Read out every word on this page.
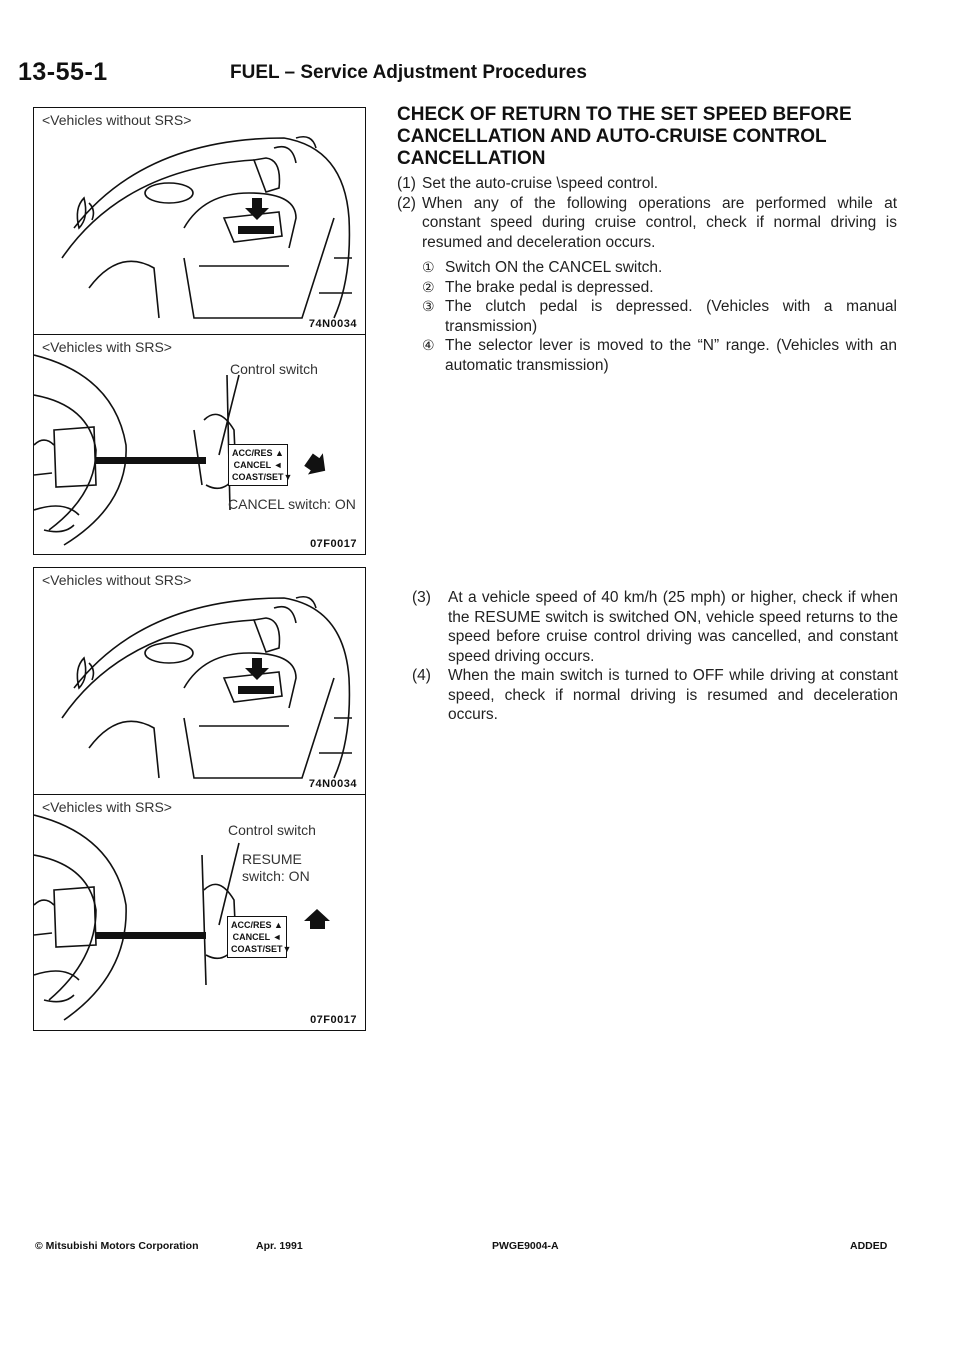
13-55-1	FUEL – Service Adjustment Procedures
<Vehicles without SRS>
74N0034
<Vehicles with SRS>
Control switch
ACC/RES ▲
CANCEL ◄
COAST/SET▼
CANCEL switch: ON
07F0017
<Vehicles without SRS>
74N0034
<Vehicles with SRS>
Control switch
RESUME
switch: ON
ACC/RES ▲
CANCEL ◄
COAST/SET▼
07F0017
CHECK OF RETURN TO THE SET SPEED BEFORE CANCELLATION AND AUTO-CRUISE CONTROL CANCELLATION
(1) Set the auto-cruise \speed control.
(2) When any of the following operations are performed while at constant speed during cruise control, check if normal driving is resumed and deceleration occurs.
① Switch ON the CANCEL switch.
② The brake pedal is depressed.
③ The clutch pedal is depressed. (Vehicles with a manual transmission)
④ The selector lever is moved to the “N” range. (Vehicles with an automatic transmission)
(3) At a vehicle speed of 40 km/h (25 mph) or higher, check if when the RESUME switch is switched ON, vehicle speed returns to the speed before cruise control driving was cancelled, and constant speed driving occurs.
(4) When the main switch is turned to OFF while driving at constant speed, check if normal driving is resumed and deceleration occurs.
© Mitsubishi Motors Corporation	Apr. 1991	PWGE9004-A	ADDED
